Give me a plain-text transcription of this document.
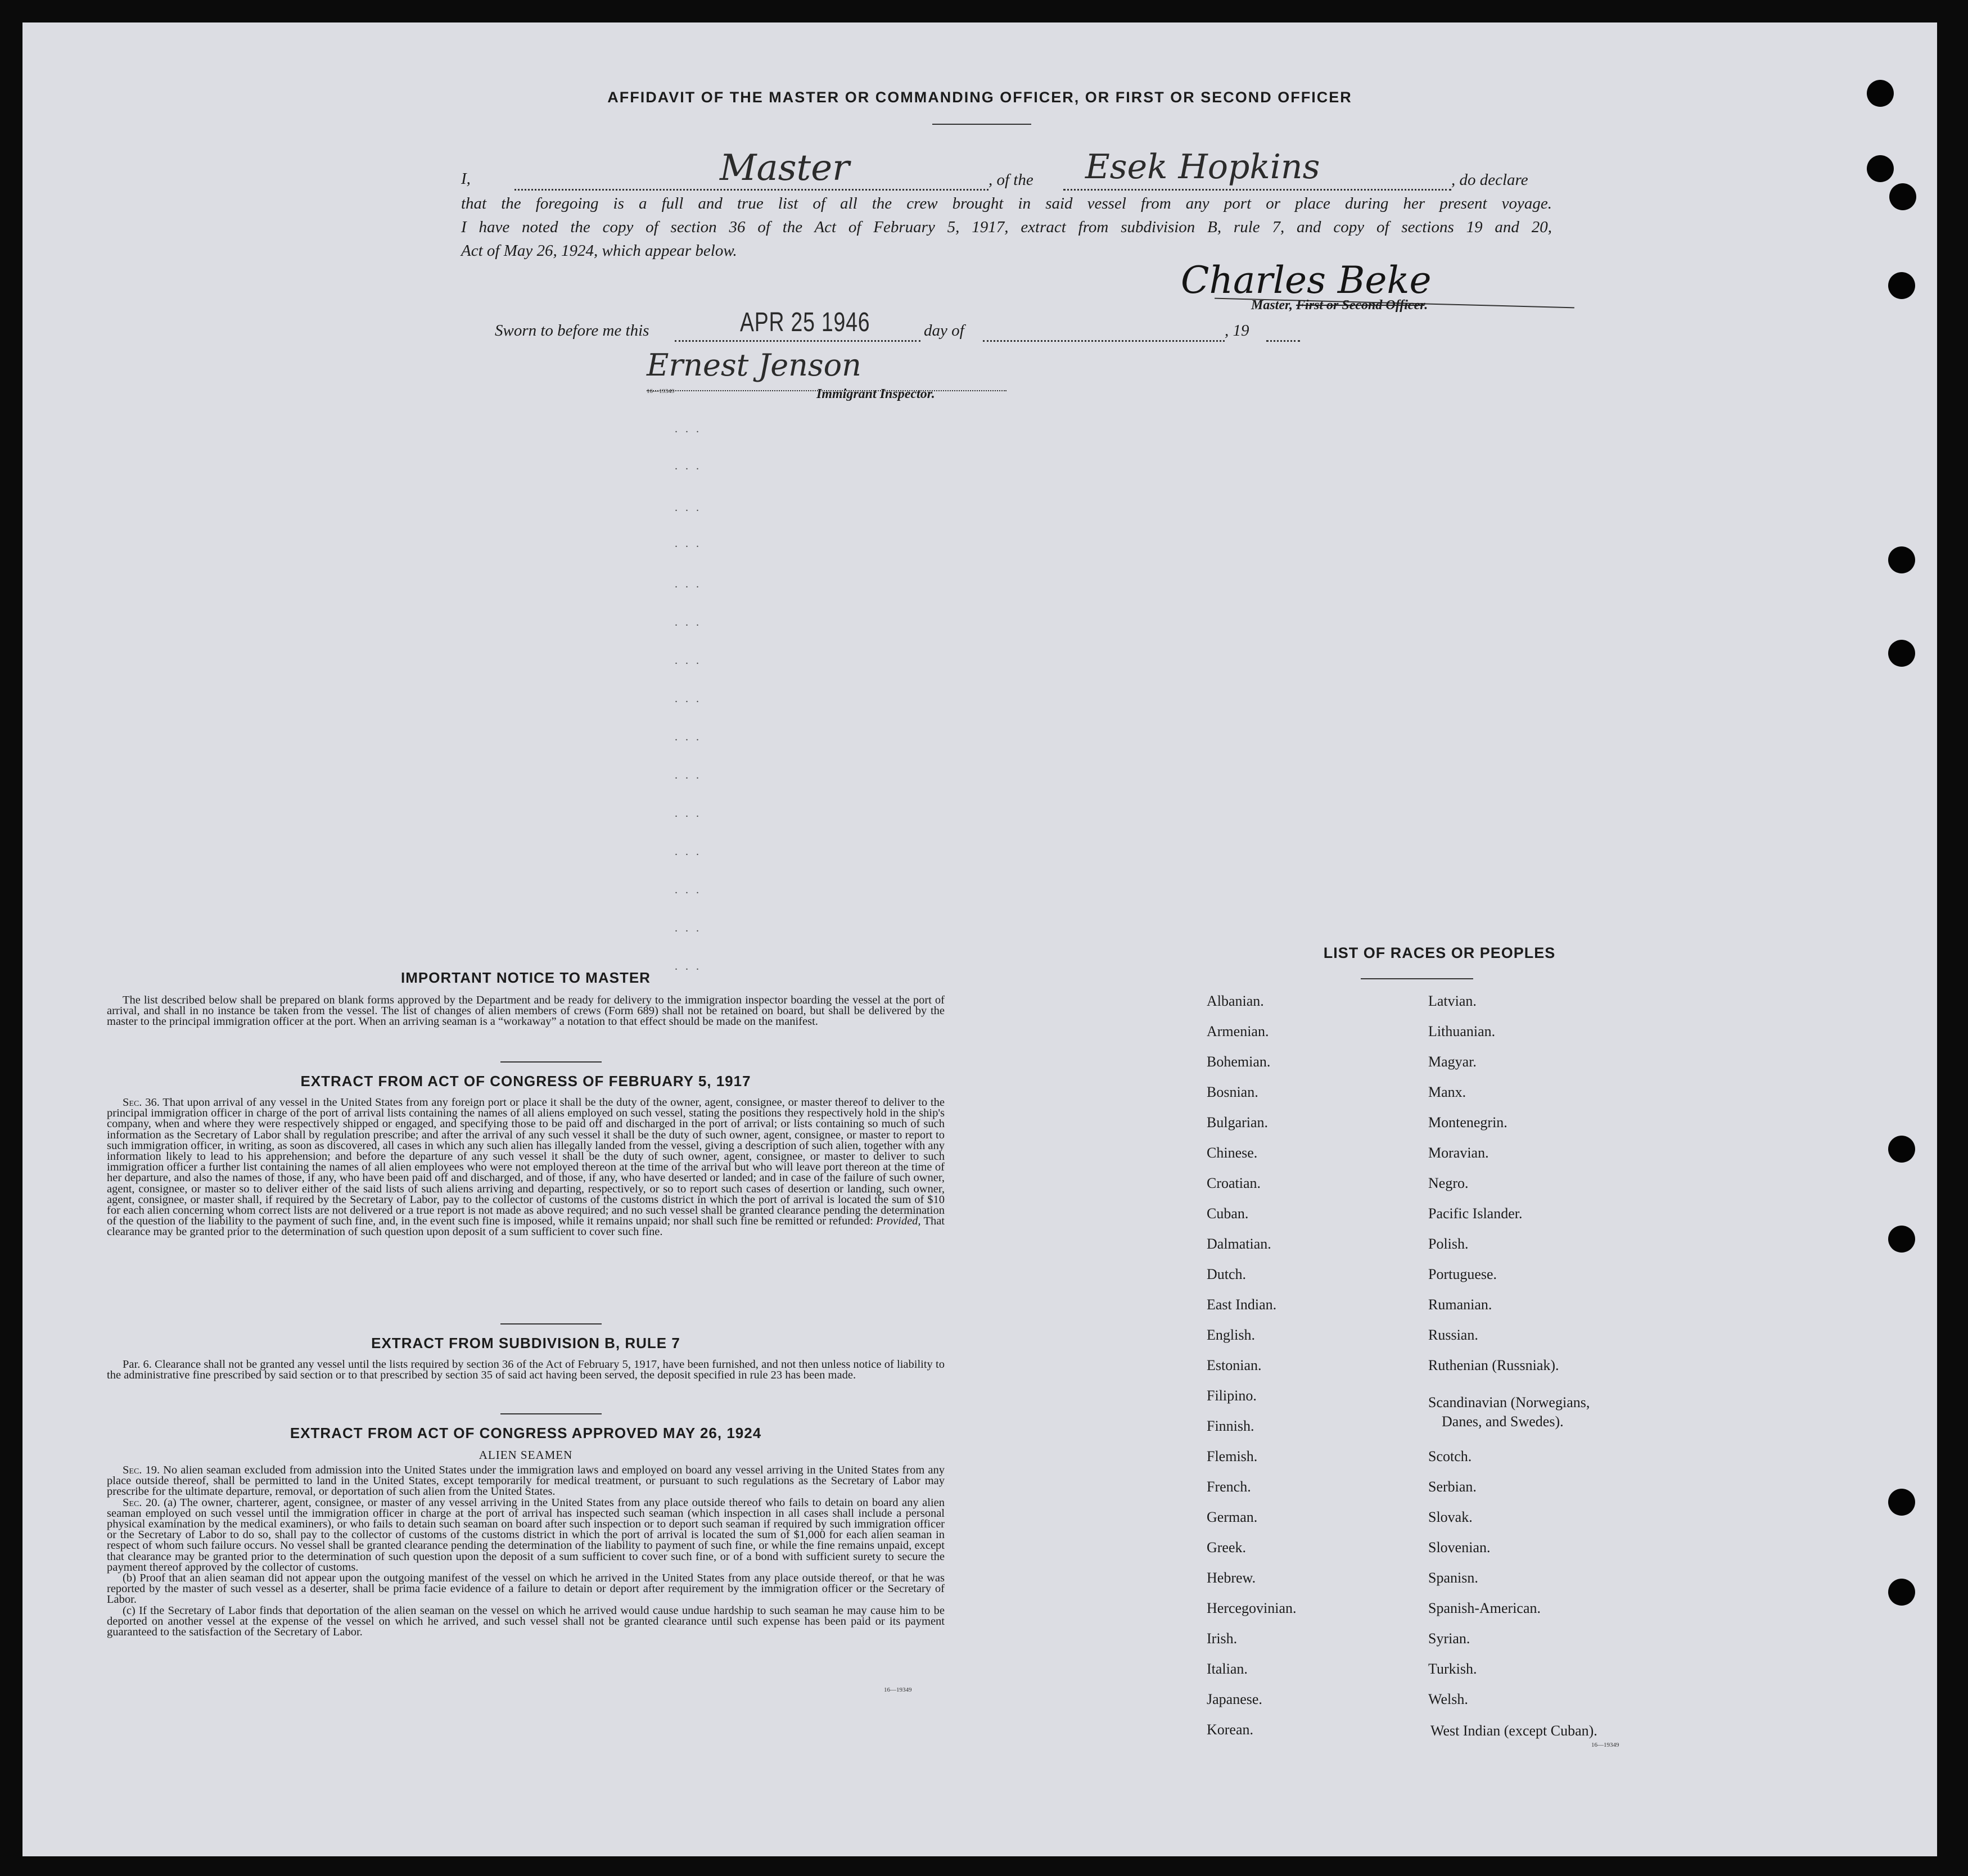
AFFIDAVIT OF THE MASTER OR COMMANDING OFFICER, OR FIRST OR SECOND OFFICER
I,	Master	, of the Esek Hopkins	, do declare
that the foregoing is a full and true list of all the crew brought in said vessel from any port or place during her present voyage.
I have noted the copy of section 36 of the Act of February 5, 1917, extract from subdivision B, rule 7, and copy of sections 19 and 20,
Act of May 26, 1924, which appear below.
Charles Beke
Master, First or Second Officer.
Sworn to before me this	APR 25 1946	day of	, 19
Ernest Jenson
16—19349	Immigrant Inspector.
...
...
...
...
...
...
...
...
...
...
...
...
...
...
...
IMPORTANT NOTICE TO MASTER

The list described below shall be prepared on blank forms approved by the Department and be ready for delivery to the immigration inspector boarding the vessel at the port of arrival, and shall in no instance be taken from the vessel. The list of changes of alien members of crews (Form 689) shall not be retained on board, but shall be delivered by the master to the principal immigration officer at the port. When an arriving seaman is a “workaway” a notation to that effect should be made on the manifest.

EXTRACT FROM ACT OF CONGRESS OF FEBRUARY 5, 1917

Sec. 36. That upon arrival of any vessel in the United States from any foreign port or place it shall be the duty of the owner, agent, consignee, or master thereof to deliver to the principal immigration officer in charge of the port of arrival lists containing the names of all aliens employed on such vessel, stating the positions they respectively hold in the ship's company, when and where they were respectively shipped or engaged, and specifying those to be paid off and discharged in the port of arrival; or lists containing so much of such information as the Secretary of Labor shall by regulation prescribe; and after the arrival of any such vessel it shall be the duty of such owner, agent, consignee, or master to report to such immigration officer, in writing, as soon as discovered, all cases in which any such alien has illegally landed from the vessel, giving a description of such alien, together with any information likely to lead to his apprehension; and before the departure of any such vessel it shall be the duty of such owner, agent, consignee, or master to deliver to such immigration officer a further list containing the names of all alien employees who were not employed thereon at the time of the arrival but who will leave port thereon at the time of her departure, and also the names of those, if any, who have been paid off and discharged, and of those, if any, who have deserted or landed; and in case of the failure of such owner, agent, consignee, or master so to deliver either of the said lists of such aliens arriving and departing, respectively, or so to report such cases of desertion or landing, such owner, agent, consignee, or master shall, if required by the Secretary of Labor, pay to the collector of customs of the customs district in which the port of arrival is located the sum of $10 for each alien concerning whom correct lists are not delivered or a true report is not made as above required; and no such vessel shall be granted clearance pending the determination of the question of the liability to the payment of such fine, and, in the event such fine is imposed, while it remains unpaid; nor shall such fine be remitted or refunded: Provided, That clearance may be granted prior to the determination of such question upon deposit of a sum sufficient to cover such fine.

EXTRACT FROM SUBDIVISION B, RULE 7

Par. 6. Clearance shall not be granted any vessel until the lists required by section 36 of the Act of February 5, 1917, have been furnished, and not then unless notice of liability to the administrative fine prescribed by said section or to that prescribed by section 35 of said act having been served, the deposit specified in rule 23 has been made.

EXTRACT FROM ACT OF CONGRESS APPROVED MAY 26, 1924
ALIEN SEAMEN

Sec. 19. No alien seaman excluded from admission into the United States under the immigration laws and employed on board any vessel arriving in the United States from any place outside thereof, shall be permitted to land in the United States, except temporarily for medical treatment, or pursuant to such regulations as the Secretary of Labor may prescribe for the ultimate departure, removal, or deportation of such alien from the United States.

Sec. 20. (a) The owner, charterer, agent, consignee, or master of any vessel arriving in the United States from any place outside thereof who fails to detain on board any alien seaman employed on such vessel until the immigration officer in charge at the port of arrival has inspected such seaman (which inspection in all cases shall include a personal physical examination by the medical examiners), or who fails to detain such seaman on board after such inspection or to deport such seaman if required by such immigration officer or the Secretary of Labor to do so, shall pay to the collector of customs of the customs district in which the port of arrival is located the sum of $1,000 for each alien seaman in respect of whom such failure occurs. No vessel shall be granted clearance pending the determination of the liability to payment of such fine, or while the fine remains unpaid, except that clearance may be granted prior to the determination of such question upon the deposit of a sum sufficient to cover such fine, or of a bond with sufficient surety to secure the payment thereof approved by the collector of customs.

(b) Proof that an alien seaman did not appear upon the outgoing manifest of the vessel on which he arrived in the United States from any place outside thereof, or that he was reported by the master of such vessel as a deserter, shall be prima facie evidence of a failure to detain or deport after requirement by the immigration officer or the Secretary of Labor.

(c) If the Secretary of Labor finds that deportation of the alien seaman on the vessel on which he arrived would cause undue hardship to such seaman he may cause him to be deported on another vessel at the expense of the vessel on which he arrived, and such vessel shall not be granted clearance until such expense has been paid or its payment guaranteed to the satisfaction of the Secretary of Labor.

16—19349
LIST OF RACES OR PEOPLES
Albanian.
Armenian.
Bohemian.
Bosnian.
Bulgarian.
Chinese.
Croatian.
Cuban.
Dalmatian.
Dutch.
East Indian.
English.
Estonian.
Filipino.
Finnish.
Flemish.
French.
German.
Greek.
Hebrew.
Hercegovinian.
Irish.
Italian.
Japanese.
Korean.
Latvian.
Lithuanian.
Magyar.
Manx.
Montenegrin.
Moravian.
Negro.
Pacific Islander.
Polish.
Portuguese.
Rumanian.
Russian.
Ruthenian (Russniak).
Scandinavian (Norwegians,
Danes, and Swedes).
Scotch.
Serbian.
Slovak.
Slovenian.
Spanisn.
Spanish-American.
Syrian.
Turkish.
Welsh.
West Indian (except Cuban).
16—19349
